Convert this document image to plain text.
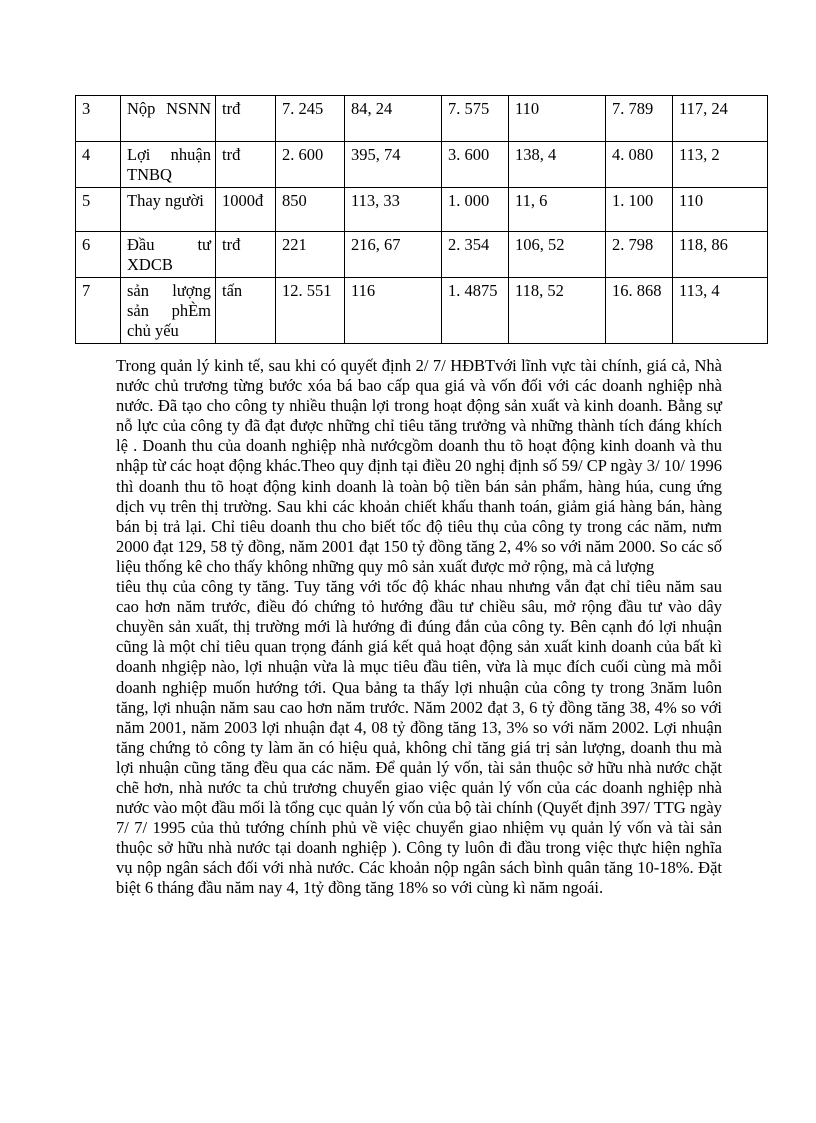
3	Nộp NSNN	trđ	7. 245	84, 24	7. 575	110	7. 789	117, 24
4	Lợi nhuận TNBQ	trđ	2. 600	395, 74	3. 600	138, 4	4. 080	113, 2
5	Thay người	1000đ	850	113, 33	1. 000	11, 6	1. 100	110
6	Đầu tư XDCB	trđ	221	216, 67	2. 354	106, 52	2. 798	118, 86
7	sản lượng sản phÈm chủ yếu	tấn	12. 551	116	1. 4875	118, 52	16. 868	113, 4

Trong quản lý kinh tế, sau khi có quyết định 2/ 7/ HĐBTvới lĩnh vực tài chính, giá cả, Nhà nước chủ trương từng bước xóa bá bao cấp qua giá và vốn đối với các doanh nghiệp nhà nước. Đã tạo cho công ty nhiều thuận lợi trong hoạt động sản xuất và kinh doanh. Bằng sự nỗ lực của công ty đã đạt được những chỉ tiêu tăng trưởng và những thành tích đáng khích lệ . Doanh thu của doanh nghiệp nhà nướcgồm doanh thu tõ hoạt động kinh doanh và thu nhập từ các hoạt động khác.Theo quy định tại điều 20 nghị định số 59/ CP ngày 3/ 10/ 1996 thì doanh thu tõ hoạt động kinh doanh là toàn bộ tiền bán sản phẩm, hàng húa, cung ứng dịch vụ trên thị trường. Sau khi các khoản chiết khấu thanh toán, giảm giá hàng bán, hàng bán bị trả lại. Chỉ tiêu doanh thu cho biết tốc độ tiêu thụ của công ty trong các năm, nưm 2000 đạt 129, 58 tỷ đồng, năm 2001 đạt 150 tỷ đồng tăng 2, 4% so với năm 2000. So các số liệu thống kê cho thấy không những quy mô sản xuất được mở rộng, mà cả lượng

tiêu thụ của công ty tăng. Tuy tăng với tốc độ khác nhau nhưng vẫn đạt chỉ tiêu năm sau cao hơn năm trước, điều đó chứng tỏ hướng đầu tư chiều sâu, mở rộng đầu tư vào dây chuyền sản xuất, thị trường mới là hướng đi đúng đắn của công ty. Bên cạnh đó lợi nhuận cũng là một chỉ tiêu quan trọng đánh giá kết quả hoạt động sản xuất kinh doanh của bất kì doanh nhgiệp nào, lợi nhuận vừa là mục tiêu đầu tiên, vừa là mục đích cuối cùng mà mỗi doanh nghiệp muốn hướng tới. Qua bảng ta thấy lợi nhuận của công ty trong 3năm luôn tăng, lợi nhuận năm sau cao hơn năm trước. Năm 2002 đạt 3, 6 tỷ đồng tăng 38, 4% so với năm 2001, năm 2003 lợi nhuận đạt 4, 08 tỷ đồng tăng 13, 3% so với năm 2002. Lợi nhuận tăng chứng tỏ công ty làm ăn có hiệu quả, không chỉ tăng giá trị sản lượng, doanh thu mà lợi nhuận cũng tăng đều qua các năm. Để quản lý vốn, tài sản thuộc sở hữu nhà nước chặt chẽ hơn, nhà nước ta chủ trương chuyển giao việc quản lý vốn của các doanh nghiệp nhà nước vào một đầu mối là tổng cục quản lý vốn của bộ tài chính (Quyết định 397/ TTG ngày 7/ 7/ 1995 của thủ tướng chính phủ về việc chuyển giao nhiệm vụ quản lý vốn và tài sản thuộc sở hữu nhà nước tại doanh nghiệp ). Công ty luôn đi đầu trong việc thực hiện nghĩa vụ nộp ngân sách đối với nhà nước. Các khoản nộp ngân sách bình quân tăng 10-18%. Đặt biệt 6 tháng đầu năm nay 4, 1tỷ đồng tăng 18% so với cùng kì năm ngoái.
